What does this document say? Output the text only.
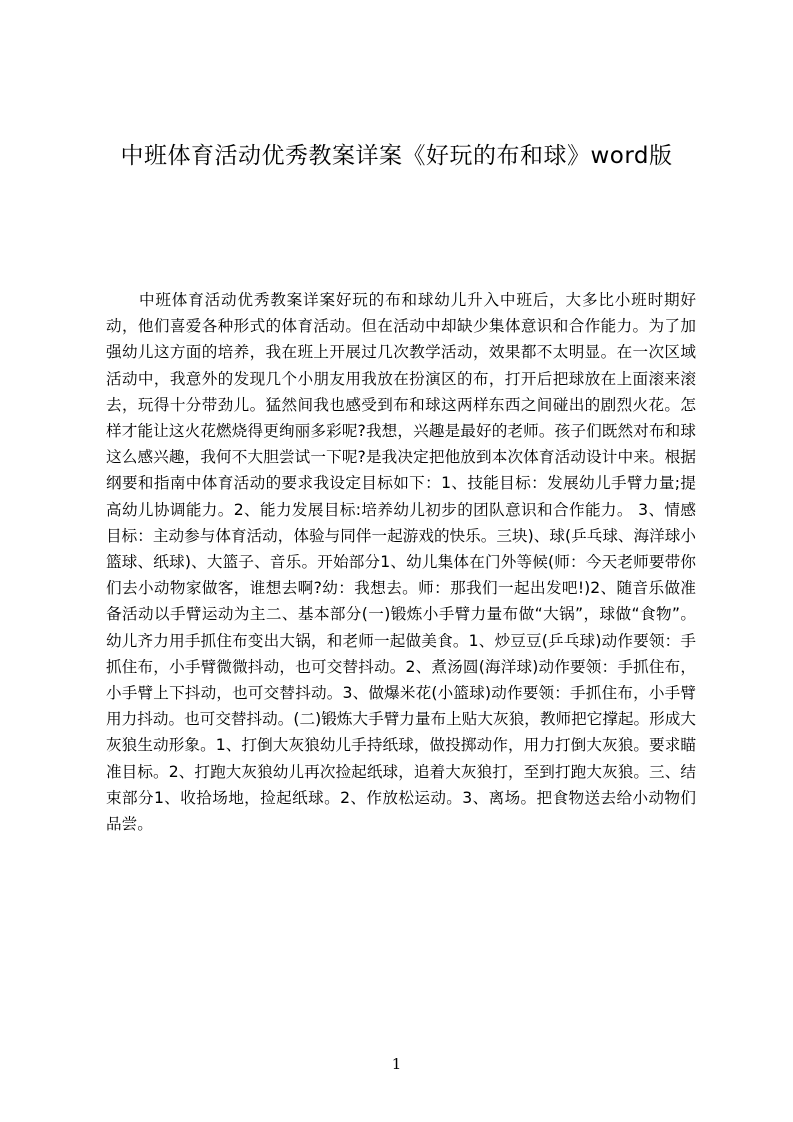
中班体育活动优秀教案详案《好玩的布和球》word版

中班体育活动优秀教案详案好玩的布和球幼儿升入中班后，大多比小班时期好动，他们喜爱各种形式的体育活动。但在活动中却缺少集体意识和合作能力。为了加强幼儿这方面的培养，我在班上开展过几次教学活动，效果都不太明显。在一次区域活动中，我意外的发现几个小朋友用我放在扮演区的布，打开后把球放在上面滚来滚去，玩得十分带劲儿。猛然间我也感受到布和球这两样东西之间碰出的剧烈火花。怎样才能让这火花燃烧得更绚丽多彩呢?我想，兴趣是最好的老师。孩子们既然对布和球这么感兴趣，我何不大胆尝试一下呢?是我决定把他放到本次体育活动设计中来。根据纲要和指南中体育活动的要求我设定目标如下：1、技能目标：发展幼儿手臂力量;提高幼儿协调能力。2、能力发展目标:培养幼儿初步的团队意识和合作能力。 3、情感目标：主动参与体育活动，体验与同伴一起游戏的快乐。三块)、球(乒乓球、海洋球小篮球、纸球)、大篮子、音乐。开始部分1、幼儿集体在门外等候(师：今天老师要带你们去小动物家做客，谁想去啊?幼：我想去。师：那我们一起出发吧!)2、随音乐做准备活动以手臂运动为主二、基本部分(一)锻炼小手臂力量布做“大锅”，球做“食物”。幼儿齐力用手抓住布变出大锅，和老师一起做美食。1、炒豆豆(乒乓球)动作要领：手抓住布，小手臂微微抖动，也可交替抖动。2、煮汤圆(海洋球)动作要领：手抓住布，小手臂上下抖动，也可交替抖动。3、做爆米花(小篮球)动作要领：手抓住布，小手臂用力抖动。也可交替抖动。(二)锻炼大手臂力量布上贴大灰狼，教师把它撑起。形成大灰狼生动形象。1、打倒大灰狼幼儿手持纸球，做投掷动作，用力打倒大灰狼。要求瞄准目标。2、打跑大灰狼幼儿再次捡起纸球，追着大灰狼打，至到打跑大灰狼。三、结束部分1、收拾场地，捡起纸球。2、作放松运动。3、离场。把食物送去给小动物们品尝。

1
